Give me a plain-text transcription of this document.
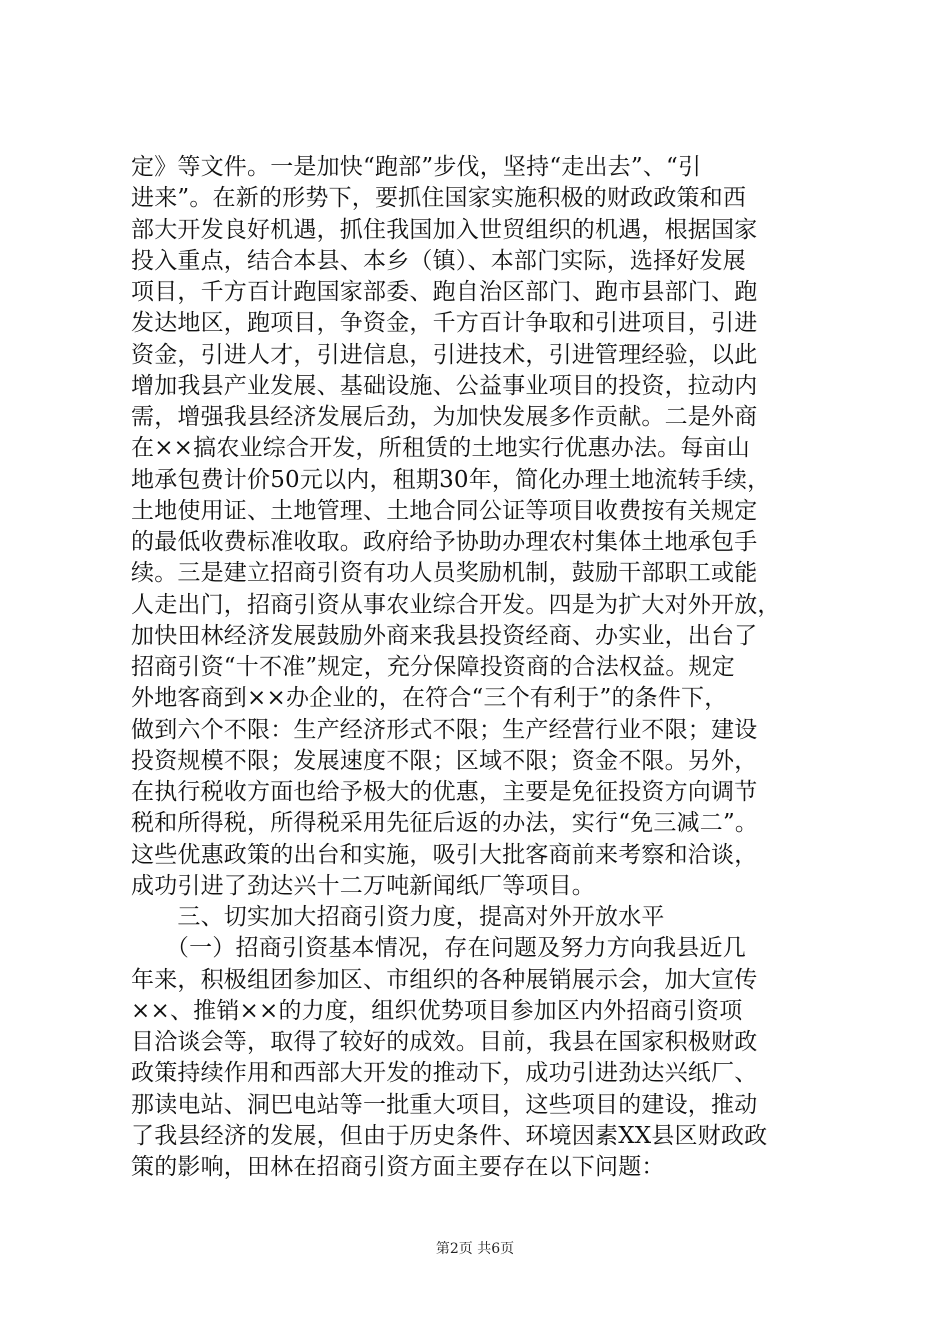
定》等文件。一是加快“跑部”步伐，坚持“走出去”、“引
进来”。在新的形势下，要抓住国家实施积极的财政政策和西
部大开发良好机遇，抓住我国加入世贸组织的机遇，根据国家
投入重点，结合本县、本乡（镇）、本部门实际，选择好发展
项目，千方百计跑国家部委、跑自治区部门、跑市县部门、跑
发达地区，跑项目，争资金，千方百计争取和引进项目，引进
资金，引进人才，引进信息，引进技术，引进管理经验，以此
增加我县产业发展、基础设施、公益事业项目的投资，拉动内
需，增强我县经济发展后劲，为加快发展多作贡献。二是外商
在××搞农业综合开发，所租赁的土地实行优惠办法。每亩山
地承包费计价50元以内，租期30年，简化办理土地流转手续，
土地使用证、土地管理、土地合同公证等项目收费按有关规定
的最低收费标准收取。政府给予协助办理农村集体土地承包手
续。三是建立招商引资有功人员奖励机制，鼓励干部职工或能
人走出门，招商引资从事农业综合开发。四是为扩大对外开放，
加快田林经济发展鼓励外商来我县投资经商、办实业，出台了
招商引资“十不准”规定，充分保障投资商的合法权益。规定
外地客商到××办企业的，在符合“三个有利于”的条件下，
做到六个不限：生产经济形式不限；生产经营行业不限；建设
投资规模不限；发展速度不限；区域不限；资金不限。另外，
在执行税收方面也给予极大的优惠，主要是免征投资方向调节
税和所得税，所得税采用先征后返的办法，实行“免三减二”。
这些优惠政策的出台和实施，吸引大批客商前来考察和洽谈，
成功引进了劲达兴十二万吨新闻纸厂等项目。
　　三、切实加大招商引资力度，提高对外开放水平
　　（一）招商引资基本情况，存在问题及努力方向我县近几
年来，积极组团参加区、市组织的各种展销展示会，加大宣传
××、推销××的力度，组织优势项目参加区内外招商引资项
目洽谈会等，取得了较好的成效。目前，我县在国家积极财政
政策持续作用和西部大开发的推动下，成功引进劲达兴纸厂、
那读电站、洞巴电站等一批重大项目，这些项目的建设，推动
了我县经济的发展，但由于历史条件、环境因素XX县区财政政
策的影响，田林在招商引资方面主要存在以下问题：
第2页 共6页
